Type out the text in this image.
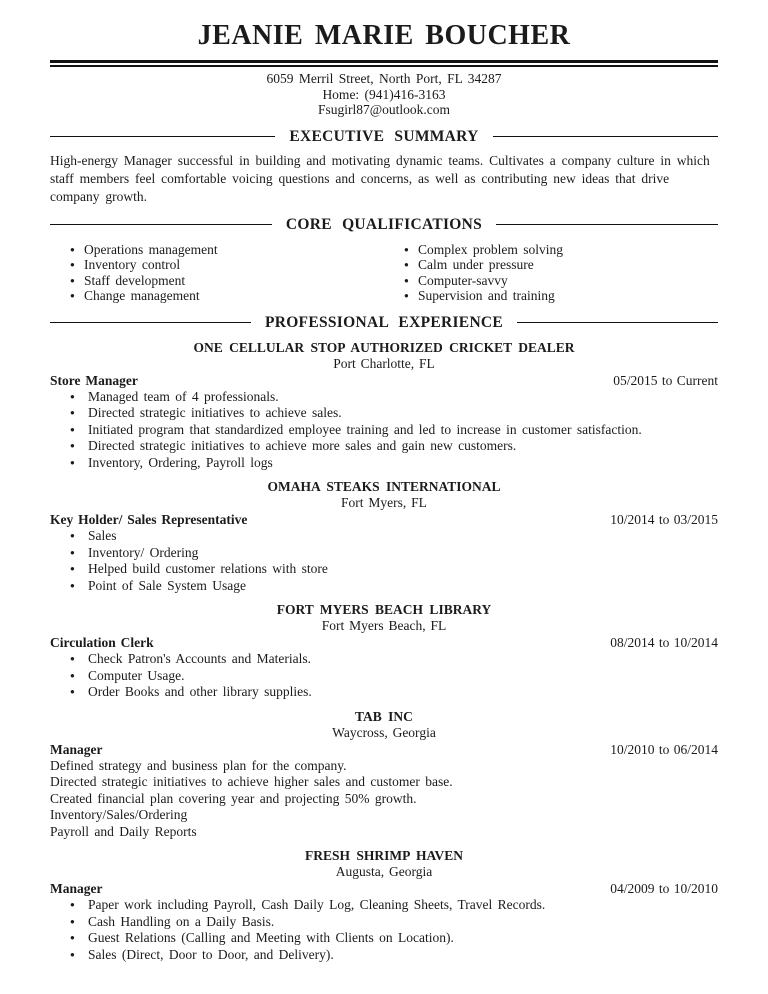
JEANIE MARIE BOUCHER
6059 Merril Street, North Port, FL 34287
Home: (941)416-3163
Fsugirl87@outlook.com
EXECUTIVE SUMMARY

High-energy Manager successful in building and motivating dynamic teams. Cultivates a company culture in which staff members feel comfortable voicing questions and concerns, as well as contributing new ideas that drive company growth.

CORE QUALIFICATIONS
● Operations management
● Inventory control
● Staff development
● Change management
● Complex problem solving
● Calm under pressure
● Computer-savvy
● Supervision and training
PROFESSIONAL EXPERIENCE
ONE CELLULAR STOP AUTHORIZED CRICKET DEALER
Port Charlotte, FL
Store Manager	05/2015 to Current
● Managed team of 4 professionals.
● Directed strategic initiatives to achieve sales.
● Initiated program that standardized employee training and led to increase in customer satisfaction.
● Directed strategic initiatives to achieve more sales and gain new customers.
● Inventory, Ordering, Payroll logs
OMAHA STEAKS INTERNATIONAL
Fort Myers, FL
Key Holder/ Sales Representative	10/2014 to 03/2015
● Sales
● Inventory/ Ordering
● Helped build customer relations with store
● Point of Sale System Usage
FORT MYERS BEACH LIBRARY
Fort Myers Beach, FL
Circulation Clerk	08/2014 to 10/2014
● Check Patron's Accounts and Materials.
● Computer Usage.
● Order Books and other library supplies.
TAB INC
Waycross, Georgia
Manager	10/2010 to 06/2014
Defined strategy and business plan for the company.
Directed strategic initiatives to achieve higher sales and customer base.
Created financial plan covering year and projecting 50% growth.
Inventory/Sales/Ordering
Payroll and Daily Reports
FRESH SHRIMP HAVEN
Augusta, Georgia
Manager	04/2009 to 10/2010
● Paper work including Payroll, Cash Daily Log, Cleaning Sheets, Travel Records.
● Cash Handling on a Daily Basis.
● Guest Relations (Calling and Meeting with Clients on Location).
● Sales (Direct, Door to Door, and Delivery).
